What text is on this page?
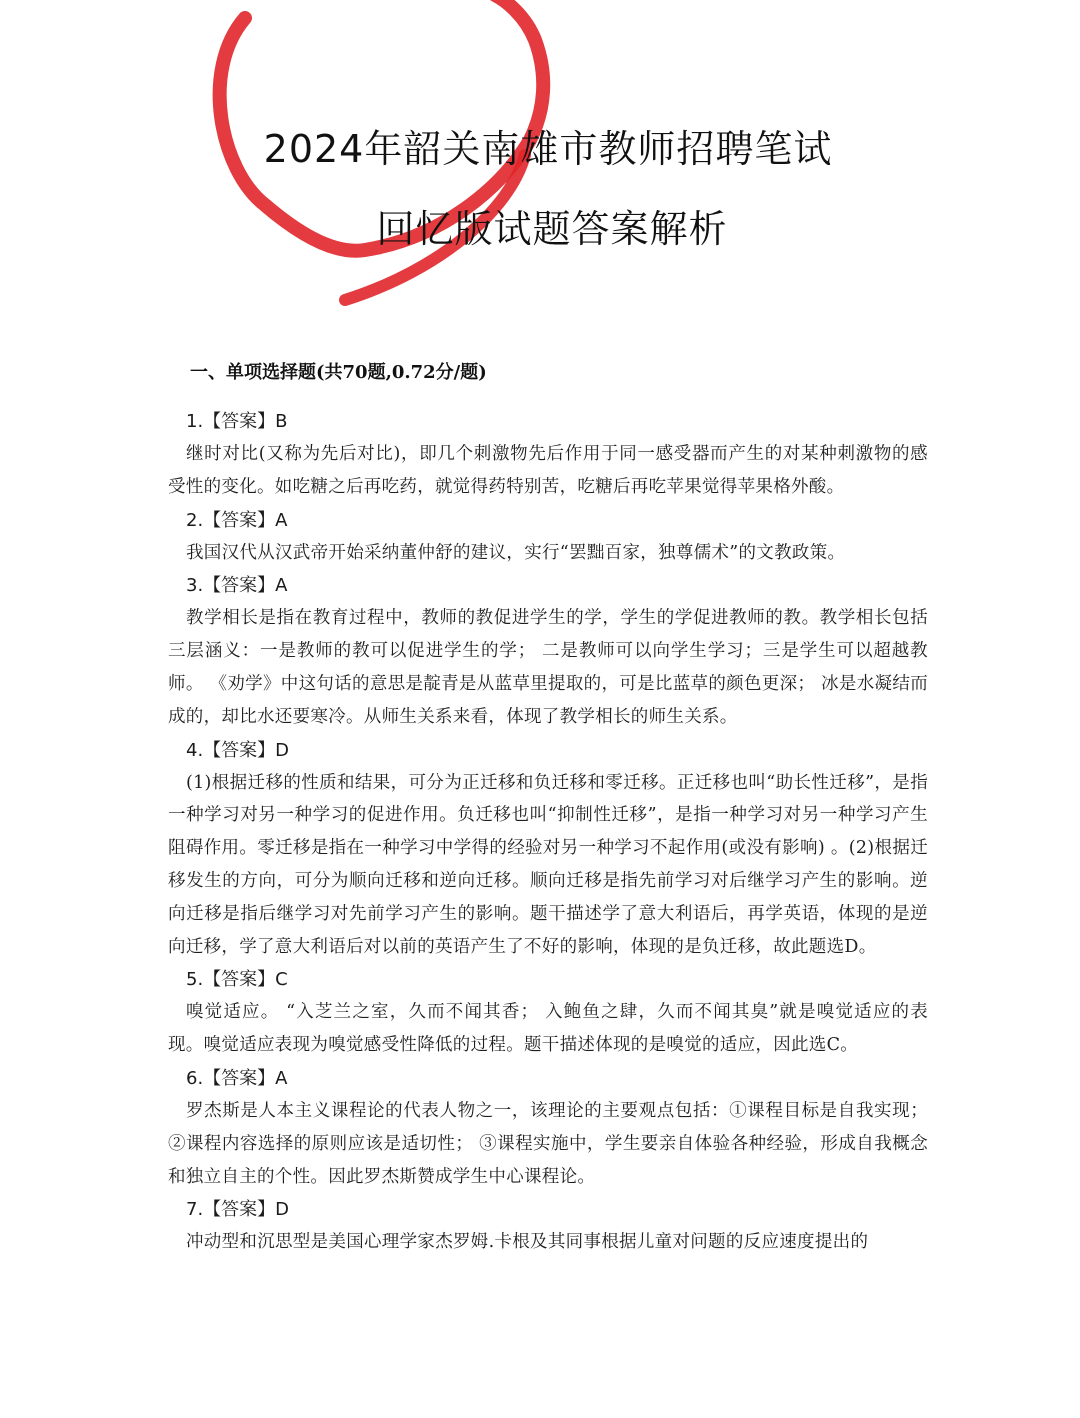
2024年韶关南雄市教师招聘笔试
回忆版试题答案解析
一、单项选择题(共70题,0.72分/题)
1.【答案】B

继时对比(又称为先后对比)，即几个刺激物先后作用于同一感受器而产生的对某种刺激物的感受性的变化。如吃糖之后再吃药，就觉得药特别苦，吃糖后再吃苹果觉得苹果格外酸。

2.【答案】A

我国汉代从汉武帝开始采纳董仲舒的建议，实行“罢黜百家，独尊儒术”的文教政策。

3.【答案】A

教学相长是指在教育过程中，教师的教促进学生的学，学生的学促进教师的教。教学相长包括三层涵义：一是教师的教可以促进学生的学； 二是教师可以向学生学习；三是学生可以超越教师。 《劝学》中这句话的意思是靛青是从蓝草里提取的，可是比蓝草的颜色更深； 冰是水凝结而成的，却比水还要寒冷。从师生关系来看，体现了教学相长的师生关系。

4.【答案】D

(1)根据迁移的性质和结果，可分为正迁移和负迁移和零迁移。正迁移也叫“助长性迁移”，是指一种学习对另一种学习的促进作用。负迁移也叫“抑制性迁移”，是指一种学习对另一种学习产生阻碍作用。零迁移是指在一种学习中学得的经验对另一种学习不起作用(或没有影响) 。(2)根据迁移发生的方向，可分为顺向迁移和逆向迁移。顺向迁移是指先前学习对后继学习产生的影响。逆向迁移是指后继学习对先前学习产生的影响。题干描述学了意大利语后，再学英语，体现的是逆向迁移，学了意大利语后对以前的英语产生了不好的影响，体现的是负迁移，故此题选D。

5.【答案】C

嗅觉适应。 “入芝兰之室，久而不闻其香； 入鲍鱼之肆，久而不闻其臭”就是嗅觉适应的表现。嗅觉适应表现为嗅觉感受性降低的过程。题干描述体现的是嗅觉的适应，因此选C。

6.【答案】A

罗杰斯是人本主义课程论的代表人物之一，该理论的主要观点包括：①课程目标是自我实现； ②课程内容选择的原则应该是适切性； ③课程实施中，学生要亲自体验各种经验，形成自我概念和独立自主的个性。因此罗杰斯赞成学生中心课程论。

7.【答案】D

冲动型和沉思型是美国心理学家杰罗姆.卡根及其同事根据儿童对问题的反应速度提出的
